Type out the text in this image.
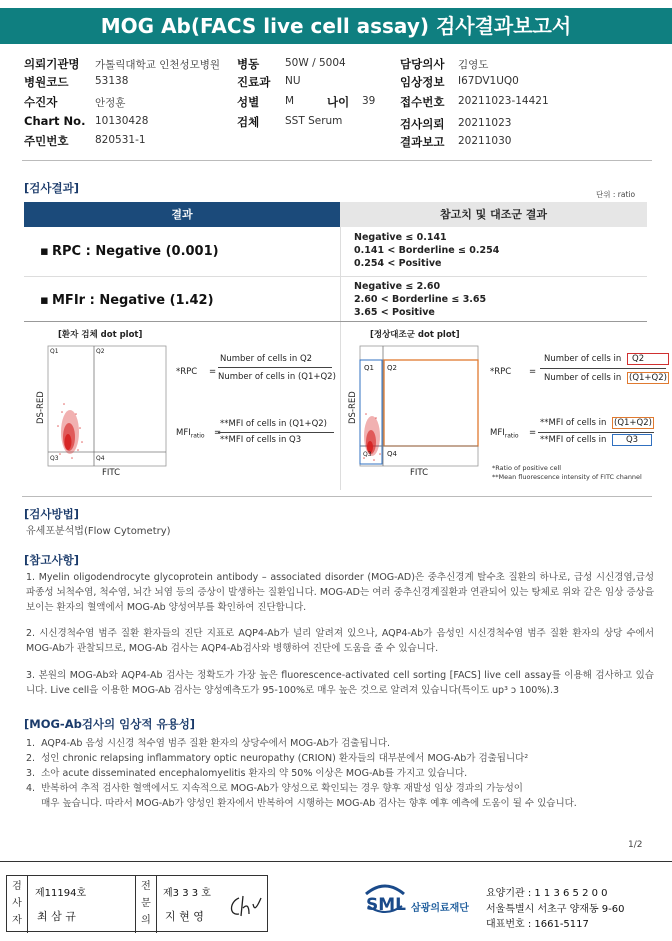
MOG Ab(FACS live cell assay) 검사결과보고서
의뢰기관명 가톨릭대학교 인천성모병원 병동 50W / 5004	담당의사 김영도
병원코드	53138	진료과 NU	임상정보 I67DV1UQ0
수진자	안정훈	성별 M	나이 39 접수번호 20211023-14421
Chart No. 10130428	검체 SST Serum	검사의뢰 20211023
주민번호	820531-1	결과보고 20211030
[검사결과]	단위 : ratio
결과	참고치 및 대조군 결과
▪ RPC : Negative (0.001)
Negative ≤ 0.141
0.141 < Borderline ≤ 0.254
0.254 < Positive
▪ MFIr : Negative (1.42)
Negative ≤ 2.60
2.60 < Borderline ≤ 3.65
3.65 < Positive
[환자 검체 dot plot]	[정상대조군 dot plot]
DS-RED
FITC
Q1	Q2
Q3	Q4
*RPC =
Number of cells in Q2
Number of cells in (Q1+Q2)
$MFI_{ratio}$ =
**MFI of cells in (Q1+Q2)
**MFI of cells in Q3
DS-RED
FITC
Q1 Q2
Q3 Q4
*RPC =
Number of cells in	Q2
Number of cells in (Q1+Q2)
$MFI_{ratio}$ =
**MFI of cells in (Q1+Q2)
**MFI of cells in	Q3
*Ratio of positive cell
**Mean fluorescence intensity of FITC channel
[검사방법]
유세포분석법(Flow Cytometry)
[참고사항]
1. Myelin oligodendrocyte glycoprotein antibody – associated disorder (MOG-AD)은 중추신경계 탈수초 질환의 하나로, 급성 시신경염,급성파종성 뇌척수염, 척수염, 뇌간 뇌염 등의 증상이 발생하는 질환입니다. MOG-AD는 여러 중추신경계질환과 연관되어 있는 탕체로 위와 같은 임상 증상을 보이는 환자의 혈액에서 MOG-Ab 양성여부를 확인하여 진단합니다.
2. 시신경척수염 범주 질환 환자들의 진단 지표로 AQP4-Ab가 널리 알려져 있으나, AQP4-Ab가 음성인 시신경척수염 범주 질환 환자의 상당 수에서 MOG-Ab가 관찰되므로, MOG-Ab 검사는 AQP4-Ab검사와 병행하여 진단에 도움을 줄 수 있습니다.
3. 본원의 MOG-Ab와 AQP4-Ab 검사는 정확도가 가장 높은 fluorescence-activated cell sorting [FACS] live cell assay를 이용해 검사하고 있습니다. Live cell을 이용한 MOG-Ab 검사는 양성예측도가 95-100%로 매우 높은 것으로 알려져 있습니다(특이도 up³ ɔ 100%).3
[MOG-Ab검사의 임상적 유용성]
1.  AQP4-Ab 음성 시신경 척수염 범주 질환 환자의 상당수에서 MOG-Ab가 검출됩니다.
2.  성인 chronic relapsing inflammatory optic neuropathy (CRION) 환자들의 대부분에서 MOG-Ab가 검출됩니다²
3.  소아 acute disseminated encephalomyelitis 환자의 약 50% 이상은 MOG-Ab를 가지고 있습니다.
4.  반복하여 추적 검사한 혈액에서도 지속적으로 MOG-Ab가 양성으로 확인되는 경우 향후 재발성 임상 경과의 가능성이
매우 높습니다. 따라서 MOG-Ab가 양성인 환자에서 반복하여 시행하는 MOG-Ab 검사는 향후 예후 예측에 도움이 될 수 있습니다.
1/2
검
사
자
제11194호
최 삼 규
전
문
의
제3 3 3 호
지 현 영
SML 삼광의료재단
요양기관 : 1 1 3 6 5 2 0 0
서울특별시 서초구 양재동 9-60
대표번호 : 1661-5117
